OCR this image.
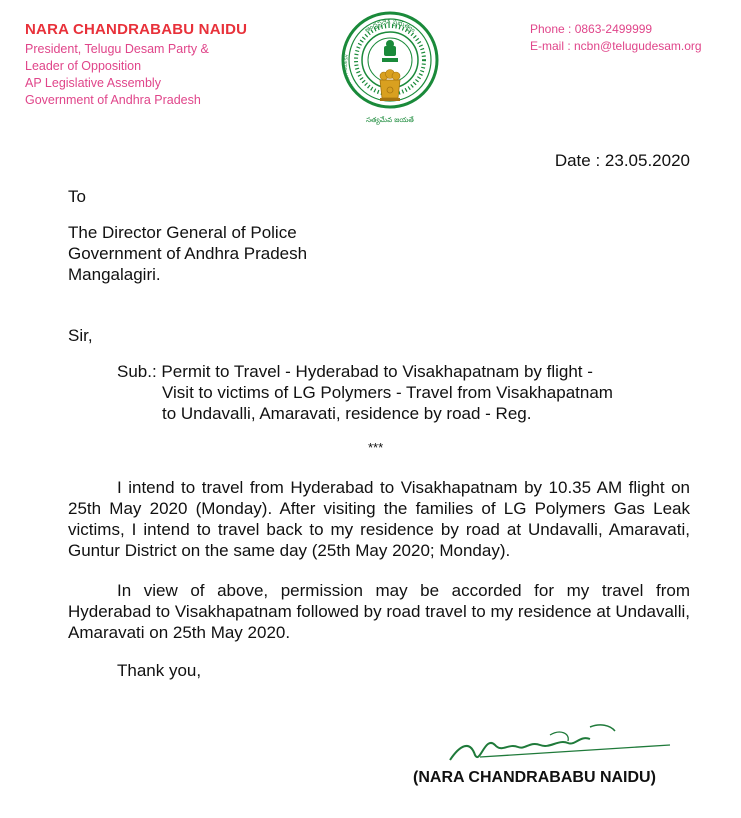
NARA CHANDRABABU NAIDU
President, Telugu Desam Party &
Leader of Opposition
AP Legislative Assembly
Government of Andhra Pradesh
ఆంధ్రప్రదేశ్ ప్రభుత్వం
ANDHRA PRADESH
సత్యమేవ జయతే
Phone : 0863-2499999
E-mail : ncbn@telugudesam.org
Date : 23.05.2020
To
The Director General of Police
Government of Andhra Pradesh
Mangalagiri.
Sir,
Sub.: Permit to Travel - Hyderabad to Visakhapatnam by flight -
Visit to victims of LG Polymers - Travel from Visakhapatnam
to Undavalli, Amaravati, residence by road - Reg.
***

I intend to travel from Hyderabad to Visakhapatnam by 10.35 AM flight on 25th May 2020 (Monday). After visiting the families of LG Polymers Gas Leak victims, I intend to travel back to my residence by road at Undavalli, Amaravati, Guntur District on the same day (25th May 2020; Monday).

In view of above, permission may be accorded for my travel from Hyderabad to Visakhapatnam followed by road travel to my residence at Undavalli, Amaravati on 25th May 2020.

Thank you,
(NARA CHANDRABABU NAIDU)
